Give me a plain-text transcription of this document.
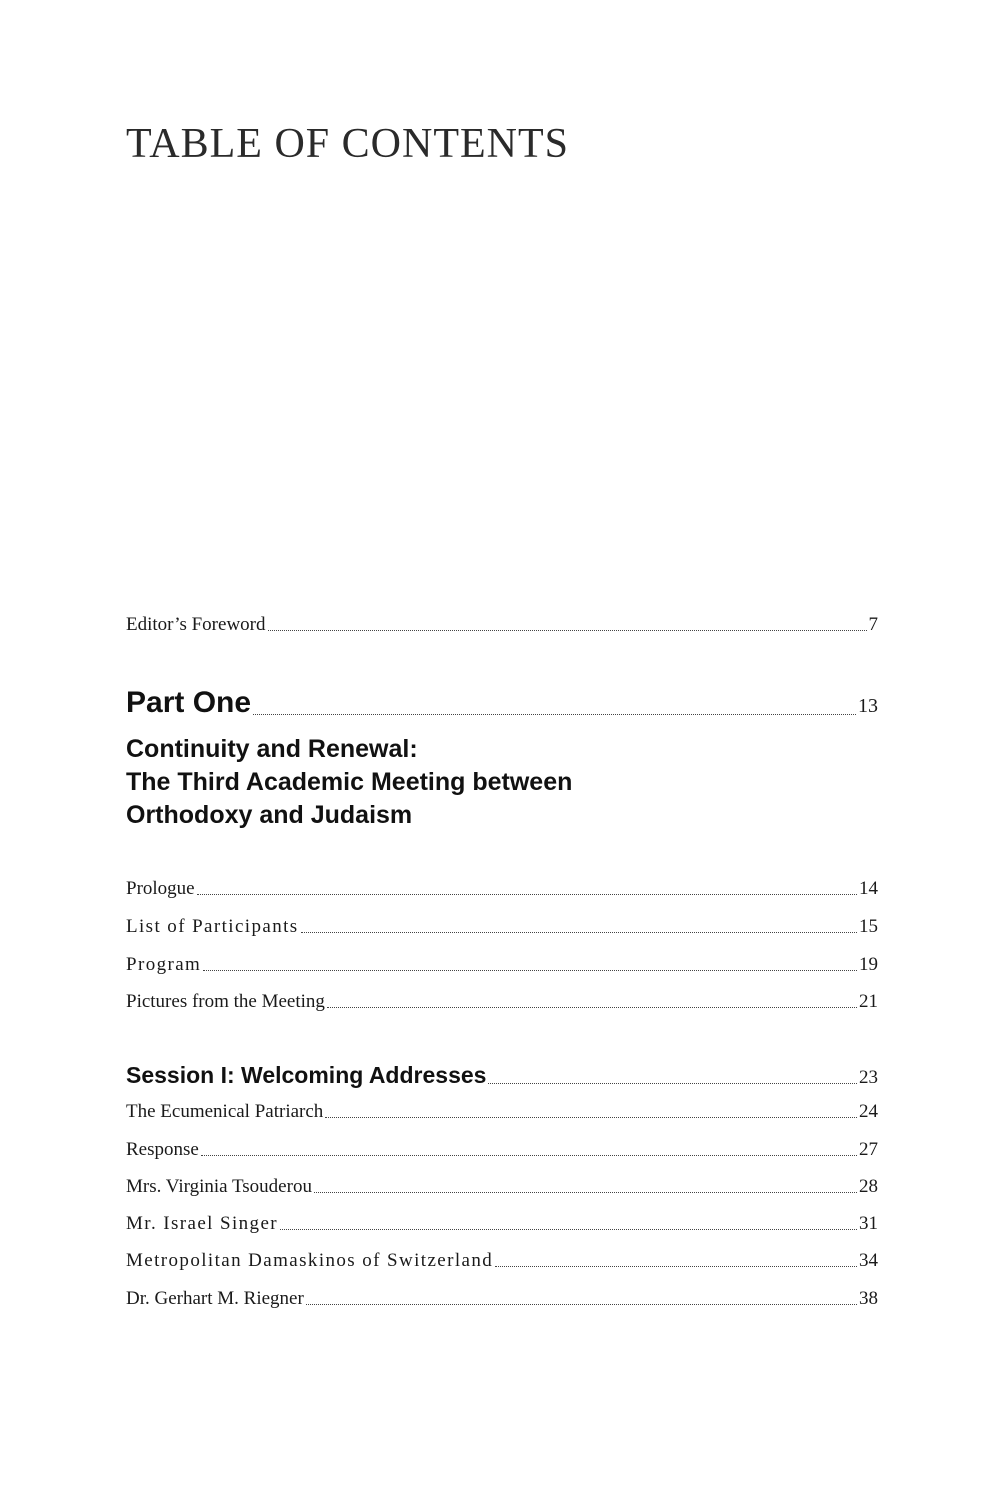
TABLE OF CONTENTS
Editor’s Foreword	7
Part One	13
Continuity and Renewal:
The Third Academic Meeting between
Orthodoxy and Judaism
Prologue	14
List of Participants	15
Program	19
Pictures from the Meeting	21
Session I: Welcoming Addresses	23
The Ecumenical Patriarch	24
Response	27
Mrs. Virginia Tsouderou	28
Mr. Israel Singer	31
Metropolitan Damaskinos of Switzerland	34
Dr. Gerhart M. Riegner	38
